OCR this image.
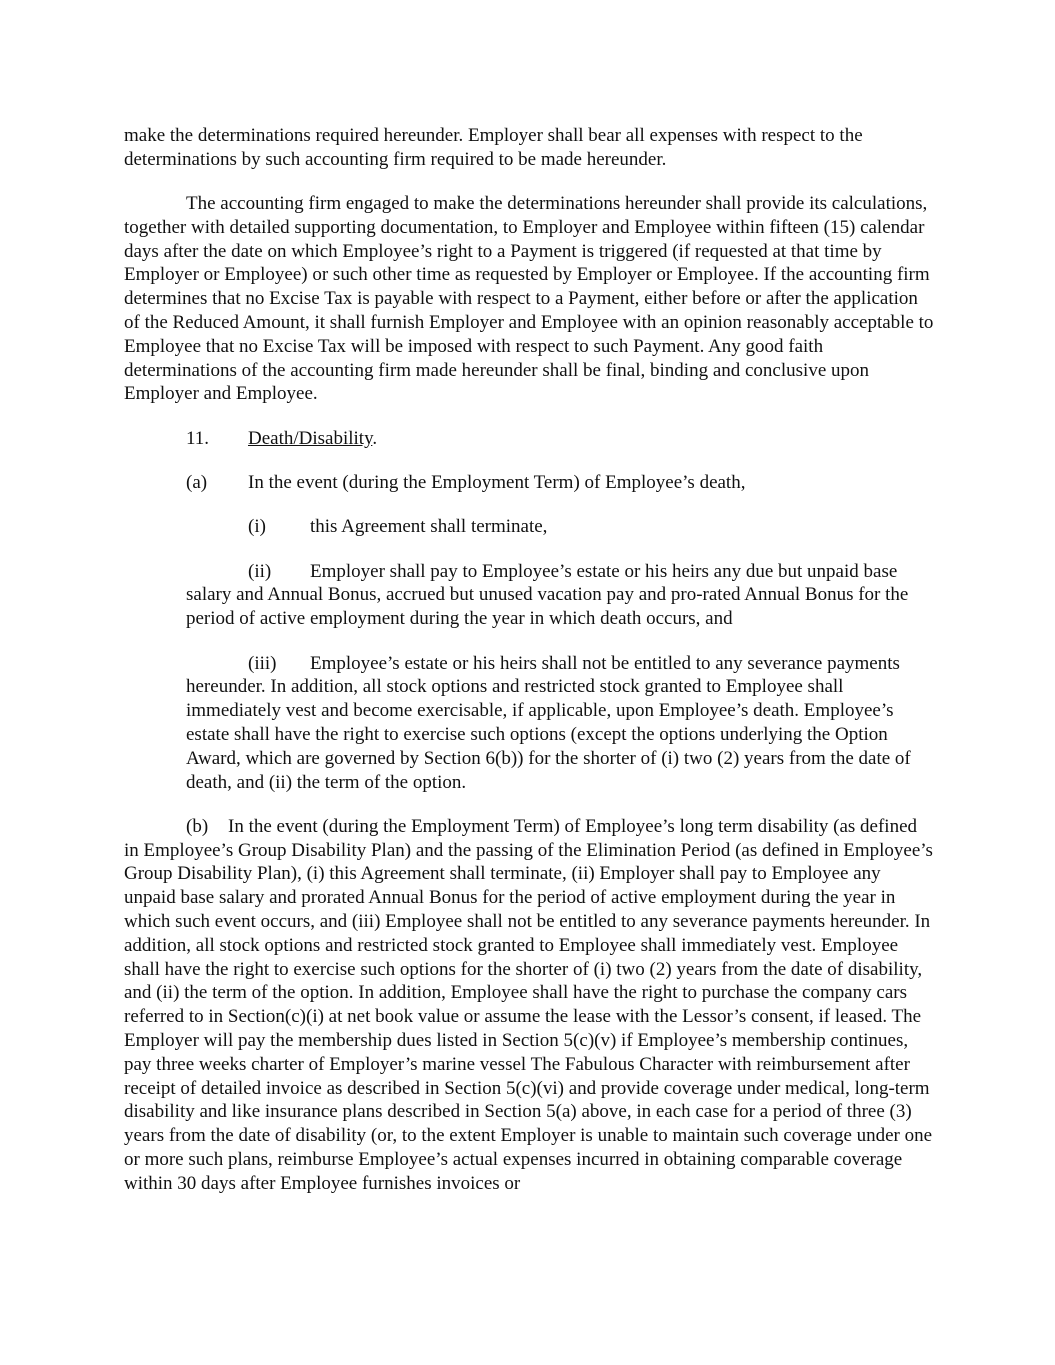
make the determinations required hereunder. Employer shall bear all expenses with respect to the determinations by such accounting firm required to be made hereunder.

The accounting firm engaged to make the determinations hereunder shall provide its calculations, together with detailed supporting documentation, to Employer and Employee within fifteen (15) calendar days after the date on which Employee’s right to a Payment is triggered (if requested at that time by Employer or Employee) or such other time as requested by Employer or Employee. If the accounting firm determines that no Excise Tax is payable with respect to a Payment, either before or after the application of the Reduced Amount, it shall furnish Employer and Employee with an opinion reasonably acceptable to Employee that no Excise Tax will be imposed with respect to such Payment. Any good faith determinations of the accounting firm made hereunder shall be final, binding and conclusive upon Employer and Employee.

11. Death/Disability.

(a) In the event (during the Employment Term) of Employee’s death,

(i) this Agreement shall terminate,

(ii) Employer shall pay to Employee’s estate or his heirs any due but unpaid base salary and Annual Bonus, accrued but unused vacation pay and pro-rated Annual Bonus for the period of active employment during the year in which death occurs, and

(iii) Employee’s estate or his heirs shall not be entitled to any severance payments hereunder. In addition, all stock options and restricted stock granted to Employee shall immediately vest and become exercisable, if applicable, upon Employee’s death. Employee’s estate shall have the right to exercise such options (except the options underlying the Option Award, which are governed by Section 6(b)) for the shorter of (i) two (2) years from the date of death, and (ii) the term of the option.

(b) In the event (during the Employment Term) of Employee’s long term disability (as defined in Employee’s Group Disability Plan) and the passing of the Elimination Period (as defined in Employee’s Group Disability Plan), (i) this Agreement shall terminate, (ii) Employer shall pay to Employee any unpaid base salary and prorated Annual Bonus for the period of active employment during the year in which such event occurs, and (iii) Employee shall not be entitled to any severance payments hereunder. In addition, all stock options and restricted stock granted to Employee shall immediately vest. Employee shall have the right to exercise such options for the shorter of (i) two (2) years from the date of disability, and (ii) the term of the option. In addition, Employee shall have the right to purchase the company cars referred to in Section(c)(i) at net book value or assume the lease with the Lessor’s consent, if leased. The Employer will pay the membership dues listed in Section 5(c)(v) if Employee’s membership continues, pay three weeks charter of Employer’s marine vessel The Fabulous Character with reimbursement after receipt of detailed invoice as described in Section 5(c)(vi) and provide coverage under medical, long-term disability and like insurance plans described in Section 5(a) above, in each case for a period of three (3) years from the date of disability (or, to the extent Employer is unable to maintain such coverage under one or more such plans, reimburse Employee’s actual expenses incurred in obtaining comparable coverage within 30 days after Employee furnishes invoices or
